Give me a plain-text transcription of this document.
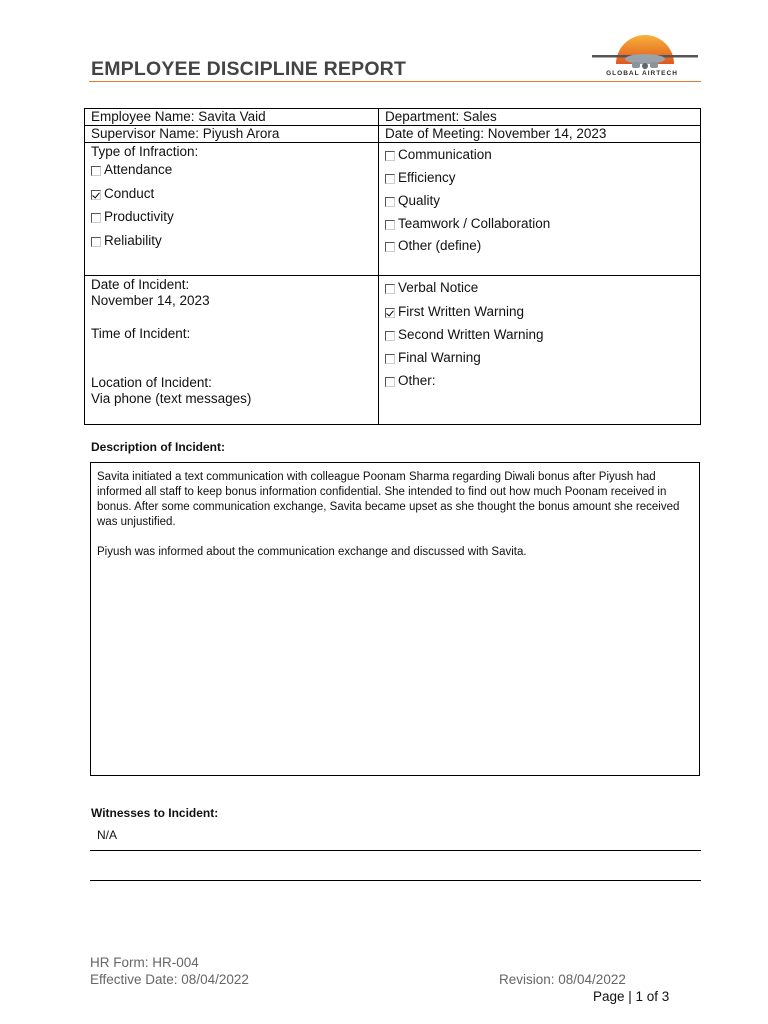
EMPLOYEE DISCIPLINE REPORT	GLOBAL AIRTECH
Employee Name: Savita Vaid	Department: Sales
Supervisor Name: Piyush Arora	Date of Meeting: November 14, 2023
Type of Infraction:
Attendance
Conduct
Productivity
Reliability
Communication
Efficiency
Quality
Teamwork / Collaboration
Other (define)
Date of Incident:
November 14, 2023
Time of Incident:
Location of Incident:
Via phone (text messages)
Verbal Notice
First Written Warning
Second Written Warning
Final Warning
Other:
Description of Incident:
Savita initiated a text communication with colleague Poonam Sharma regarding Diwali bonus after Piyush had informed all staff to keep bonus information confidential. She intended to find out how much Poonam received in bonus. After some communication exchange, Savita became upset as she thought the bonus amount she received was unjustified.
Piyush was informed about the communication exchange and discussed with Savita.
Witnesses to Incident:
N/A
HR Form: HR-004
Effective Date: 08/04/2022	Revision: 08/04/2022
Page | 1 of 3
